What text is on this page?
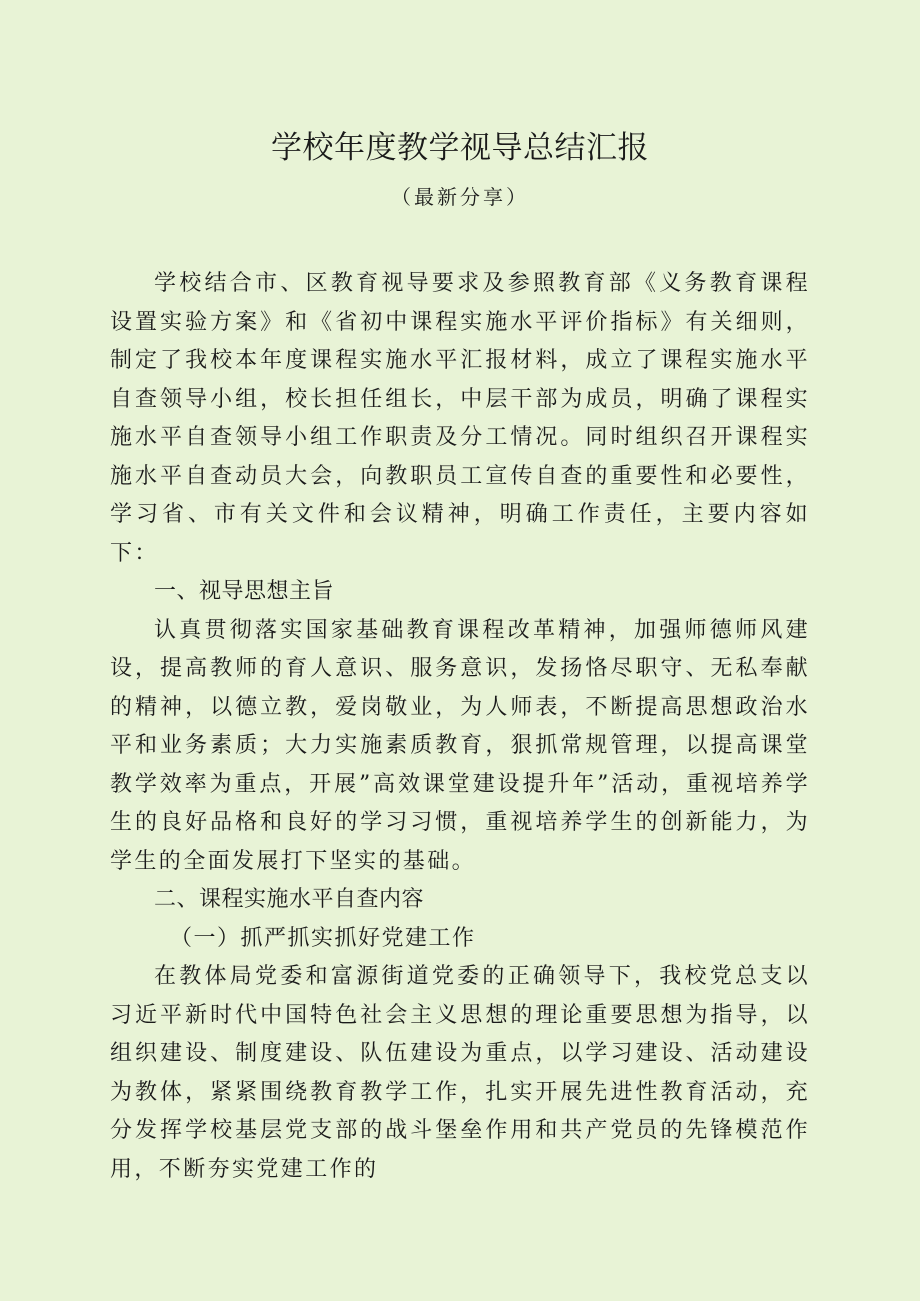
学校年度教学视导总结汇报

（最新分享）

学校结合市、区教育视导要求及参照教育部《义务教育课程设置实验方案》和《省初中课程实施水平评价指标》有关细则，制定了我校本年度课程实施水平汇报材料，成立了课程实施水平自查领导小组，校长担任组长，中层干部为成员，明确了课程实施水平自查领导小组工作职责及分工情况。同时组织召开课程实施水平自查动员大会，向教职员工宣传自查的重要性和必要性，学习省、市有关文件和会议精神，明确工作责任，主要内容如下：

一、视导思想主旨

认真贯彻落实国家基础教育课程改革精神，加强师德师风建设，提高教师的育人意识、服务意识，发扬恪尽职守、无私奉献的精神，以德立教，爱岗敬业，为人师表，不断提高思想政治水平和业务素质；大力实施素质教育，狠抓常规管理，以提高课堂教学效率为重点，开展”高效课堂建设提升年”活动，重视培养学生的良好品格和良好的学习习惯，重视培养学生的创新能力，为学生的全面发展打下坚实的基础。

二、课程实施水平自查内容

（一）抓严抓实抓好党建工作

在教体局党委和富源街道党委的正确领导下，我校党总支以习近平新时代中国特色社会主义思想的理论重要思想为指导，以组织建设、制度建设、队伍建设为重点，以学习建设、活动建设为教体，紧紧围绕教育教学工作，扎实开展先进性教育活动，充分发挥学校基层党支部的战斗堡垒作用和共产党员的先锋模范作用，不断夯实党建工作的
